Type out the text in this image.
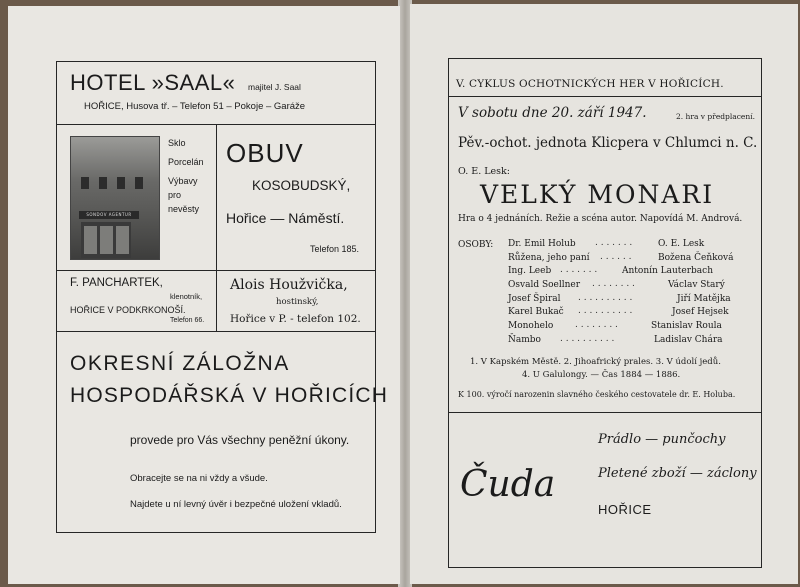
HOTEL »SAAL« majitel J. Saal
HOŘICE, Husova tř. – Telefon 51 – Pokoje – Garáže
SONDOV AGENTUR
Sklo
Porcelán
Výbavy
pro
nevěsty
OBUV
KOSOBUDSKÝ,
Hořice — Náměstí.
Telefon 185.
F. PANCHARTEK,
klenotník,
HOŘICE V PODKRKONOŠÍ.
Telefon 66.
Alois Houžvička,
hostinský,
Hořice v P. - telefon 102.
OKRESNÍ ZÁLOŽNA
HOSPODÁŘSKÁ V HOŘICÍCH
provede pro Vás všechny peněžní úkony.
Obracejte se na ni vždy a všude.
Najdete u ní levný úvěr i bezpečné uložení vkladů.
V. CYKLUS OCHOTNICKÝCH HER V HOŘICÍCH.
V sobotu dne 20. září 1947.	2. hra v předplacení.
Pěv.-ochot. jednota Klicpera v Chlumci n. C.
O. E. Lesk:
VELKÝ MONARI
Hra o 4 jednáních. Režie a scéna autor. Napovídá M. Andrová.
OSOBY: Dr. Emil Holub . . . . . . .	O. E. Lesk
Růžena, jeho paní . . . . . .	Božena Čeňková
Ing. Leeb . . . . . . .	Antonín Lauterbach
Osvald Soellner . . . . . . . .	Václav Starý
Josef Špiral . . . . . . . . . .	Jiří Matějka
Karel Bukač . . . . . . . . . .	Josef Hejsek
Monohelo . . . . . . . .	Stanislav Roula
Ňambo . . . . . . . . . .	Ladislav Chára
1. V Kapském Městě. 2. Jihoafrický prales. 3. V údolí jedů.
4. U Galulongy. — Čas 1884 — 1886.
K 100. výročí narozenin slavného českého cestovatele dr. E. Holuba.
Čuda
Prádlo — punčochy
Pletené zboží — záclony
HOŘICE
